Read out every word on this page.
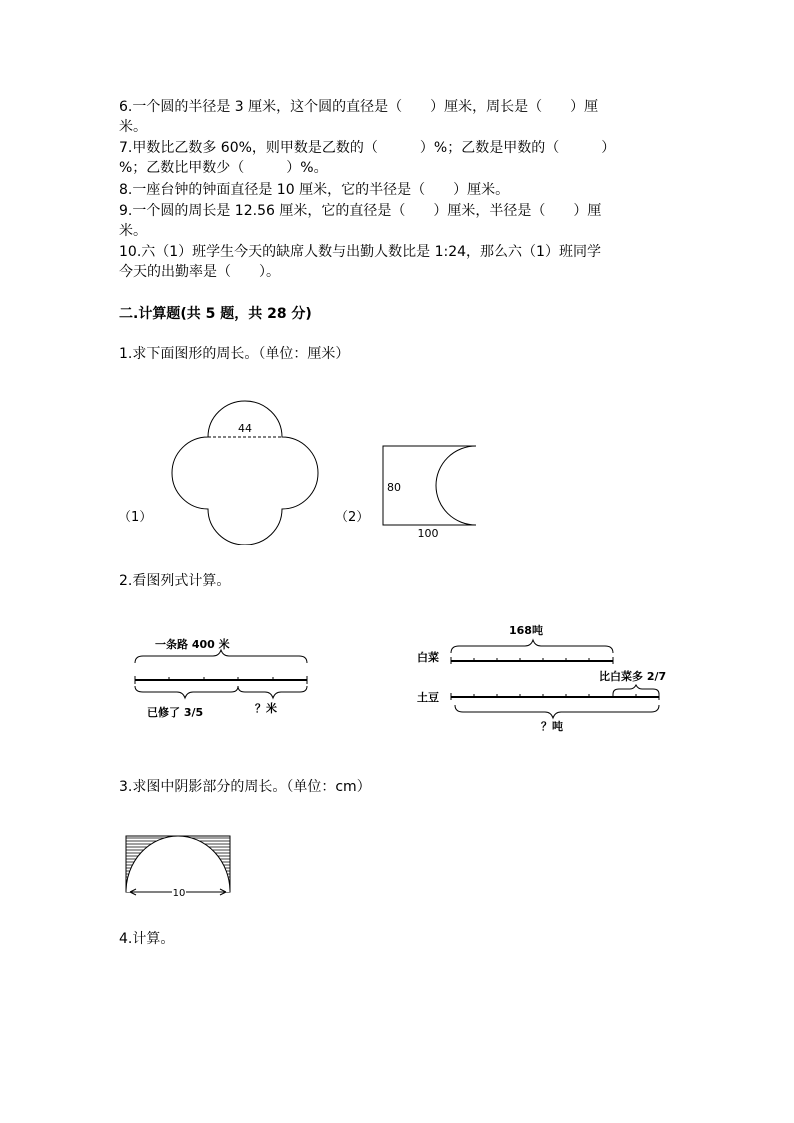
6.一个圆的半径是 3 厘米，这个圆的直径是（　　）厘米，周长是（　　）厘
米。
7.甲数比乙数多 60%，则甲数是乙数的（　　　）%；乙数是甲数的（　　　）
%；乙数比甲数少（　　　）%。
8.一座台钟的钟面直径是 10 厘米，它的半径是（　　）厘米。
9.一个圆的周长是 12.56 厘米，它的直径是（　　）厘米，半径是（　　）厘
米。
10.六（1）班学生今天的缺席人数与出勤人数比是 1:24，那么六（1）班同学
今天的出勤率是（　　）。
二.计算题(共 5 题，共 28 分)
1.求下面图形的周长。（单位：厘米）
44
（1）
80
100
（2）
2.看图列式计算。
一条路 400 米
已修了 3/5	？米
168吨
白菜
比白菜多 2/7
土豆
？吨
3.求图中阴影部分的周长。（单位：cm）
10
4.计算。
